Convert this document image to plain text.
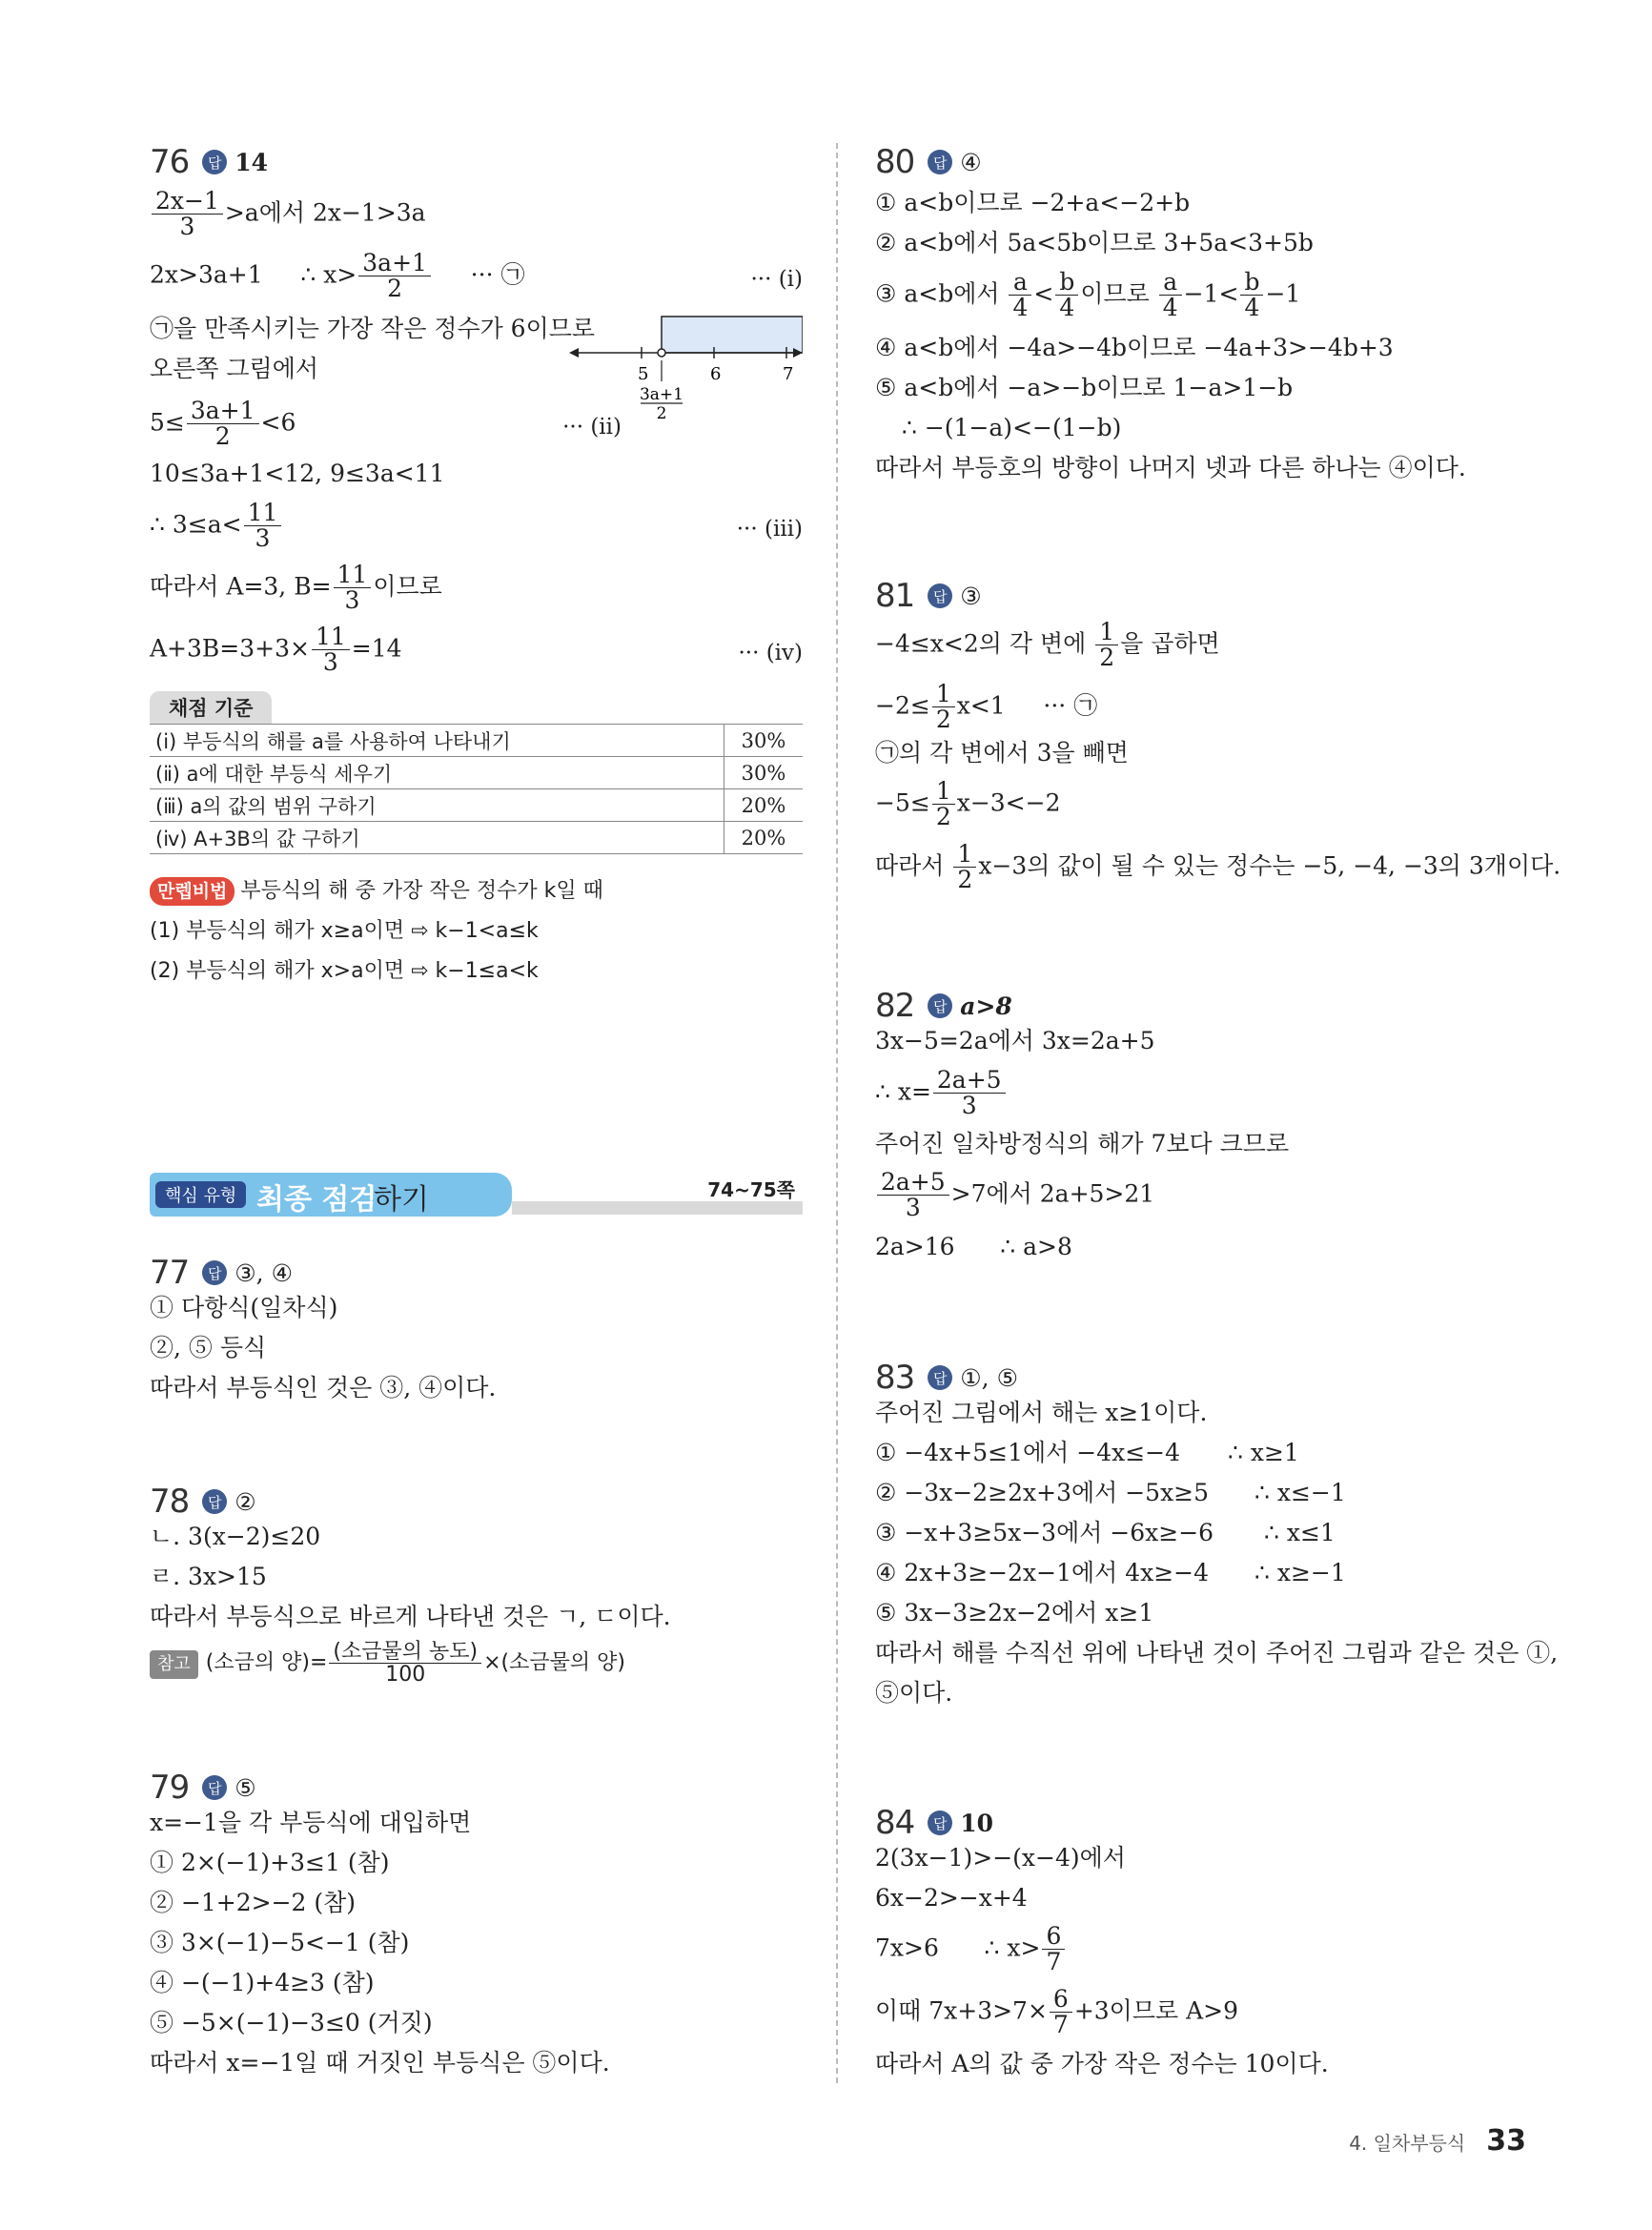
76	답 14
$\frac{2x-1}{3} >a$에서 2x−1>3a
2x>3a+1 ∴ $x> \frac{3a+1}{2}$ ··· ㉠	··· (ⅰ)
㉠을 만족시키는 가장 작은 정수가 6이므로
오른쪽 그림에서	5	6	7
3a+1
2
$5\le \frac{3a+1}{2} <6$	··· (ⅱ)
10≤3a+1<12, 9≤3a<11
∴ $3\le a< \frac{11}{3}$	··· (ⅲ)
따라서 A=3, $B= \frac{11}{3}$ 이므로
$A+3B=3+3\times \frac{11}{3} =14$	··· (ⅳ)
채점 기준
(ⅰ) 부등식의 해를 a를 사용하여 나타내기	30%
(ⅱ) a에 대한 부등식 세우기	30%
(ⅲ) a의 값의 범위 구하기	20%
(ⅳ) A+3B의 값 구하기	20%
만렙비법 부등식의 해 중 가장 작은 정수가 k일 때
(1) 부등식의 해가 x≥a이면 ⇨ k−1<a≤k
(2) 부등식의 해가 x>a이면 ⇨ k−1≤a<k
핵심 유형 최종 점검
하기	74~75쪽
77	답 ③, ④
① 다항식(일차식)
②, ⑤ 등식
따라서 부등식인 것은 ③, ④이다.
78	답 ②
ㄴ. 3(x−2)≤20
ㄹ. 3x>15
따라서 부등식으로 바르게 나타낸 것은 ㄱ, ㄷ이다.
참고 (소금의 양)= $\frac{\text{(소금물의 농도)}}{100}$ ×(소금물의 양)
79	답 ⑤
x=−1을 각 부등식에 대입하면
① 2×(−1)+3≤1 (참)
② −1+2>−2 (참)
③ 3×(−1)−5<−1 (참)
④ −(−1)+4≥3 (참)
⑤ −5×(−1)−3≤0 (거짓)
따라서 x=−1일 때 거짓인 부등식은 ⑤이다.
80	답 ④
① a<b이므로 −2+a<−2+b
② a<b에서 5a<5b이므로 3+5a<3+5b
③ a<b에서 $\frac{a}{4} < \frac{b}{4}$ 이므로 $\frac{a}{4} -1< \frac{b}{4} -1$
④ a<b에서 −4a>−4b이므로 −4a+3>−4b+3
⑤ a<b에서 −a>−b이므로 1−a>1−b
∴ −(1−a)<−(1−b)
따라서 부등호의 방향이 나머지 넷과 다른 하나는 ④이다.
81	답 ③
−4≤x<2의 각 변에 $\frac{1}{2}$ 을 곱하면
$-2\le \frac{1}{2} x<1$ ··· ㉠
㉠의 각 변에서 3을 빼면
$-5\le \frac{1}{2} x-3<-2$
따라서 $\frac{1}{2} x-3$의 값이 될 수 있는 정수는 −5, −4, −3의 3개이다.
82	답 a>8
3x−5=2a에서 3x=2a+5
∴ $x= \frac{2a+5}{3}$
주어진 일차방정식의 해가 7보다 크므로
$\frac{2a+5}{3} >7$에서 2a+5>21
2a>16 ∴ a>8
83	답 ①, ⑤
주어진 그림에서 해는 x≥1이다.
① −4x+5≤1에서 −4x≤−4 ∴ x≥1
② −3x−2≥2x+3에서 −5x≥5 ∴ x≤−1
③ −x+3≥5x−3에서 −6x≥−6 ∴ x≤1
④ 2x+3≥−2x−1에서 4x≥−4 ∴ x≥−1
⑤ 3x−3≥2x−2에서 x≥1
따라서 해를 수직선 위에 나타낸 것이 주어진 그림과 같은 것은 ①,
⑤이다.
84	답 10
2(3x−1)>−(x−4)에서
6x−2>−x+4
7x>6 ∴ $x> \frac{6}{7}$
이때 $7x+3>7\times \frac{6}{7} +3$이므로 A>9
따라서 A의 값 중 가장 작은 정수는 10이다.
4. 일차부등식 33
